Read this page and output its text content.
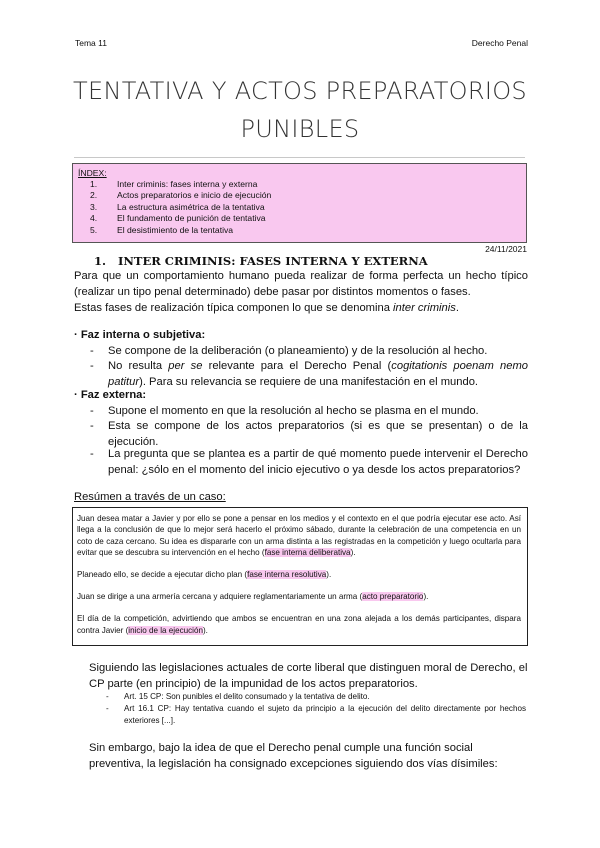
Tema 11	Derecho Penal
TENTATIVA Y ACTOS PREPARATORIOS
PUNIBLES
ÍNDEX:
1. Inter criminis: fases interna y externa
2. Actos preparatorios e inicio de ejecución
3. La estructura asimétrica de la tentativa
4. El fundamento de punición de tentativa
5. El desistimiento de la tentativa
24/11/2021
1. INTER CRIMINIS: FASES INTERNA Y EXTERNA
Para que un comportamiento humano pueda realizar de forma perfecta un hecho típico (realizar un tipo penal determinado) debe pasar por distintos momentos o fases.
Estas fases de realización típica componen lo que se denomina inter criminis.
· Faz interna o subjetiva:
- Se compone de la deliberación (o planeamiento) y de la resolución al hecho.
- No resulta per se relevante para el Derecho Penal (cogitationis poenam nemo patitur). Para su relevancia se requiere de una manifestación en el mundo.
· Faz externa:
- Supone el momento en que la resolución al hecho se plasma en el mundo.
- Esta se compone de los actos preparatorios (si es que se presentan) o de la ejecución.
- La pregunta que se plantea es a partir de qué momento puede intervenir el Derecho penal: ¿sólo en el momento del inicio ejecutivo o ya desde los actos preparatorios?
Resúmen a través de un caso:

Juan desea matar a Javier y por ello se pone a pensar en los medios y el contexto en el que podría ejecutar ese acto. Así llega a la conclusión de que lo mejor será hacerlo el próximo sábado, durante la celebración de una competencia en un coto de caza cercano. Su idea es dispararle con un arma distinta a las registradas en la competición y luego ocultarla para evitar que se descubra su intervención en el hecho (fase interna deliberativa).

Planeado ello, se decide a ejecutar dicho plan (fase interna resolutiva).

Juan se dirige a una armería cercana y adquiere reglamentariamente un arma (acto preparatorio).

El día de la competición, advirtiendo que ambos se encuentran en una zona alejada a los demás participantes, dispara contra Javier (inicio de la ejecución).

Siguiendo las legislaciones actuales de corte liberal que distinguen moral de Derecho, el CP parte (en principio) de la impunidad de los actos preparatorios.
- Art. 15 CP: Son punibles el delito consumado y la tentativa de delito.
- Art 16.1 CP: Hay tentativa cuando el sujeto da principio a la ejecución del delito directamente por hechos exteriores [...].
Sin embargo, bajo la idea de que el Derecho penal cumple una función social preventiva, la legislación ha consignado excepciones siguiendo dos vías dísimiles:
